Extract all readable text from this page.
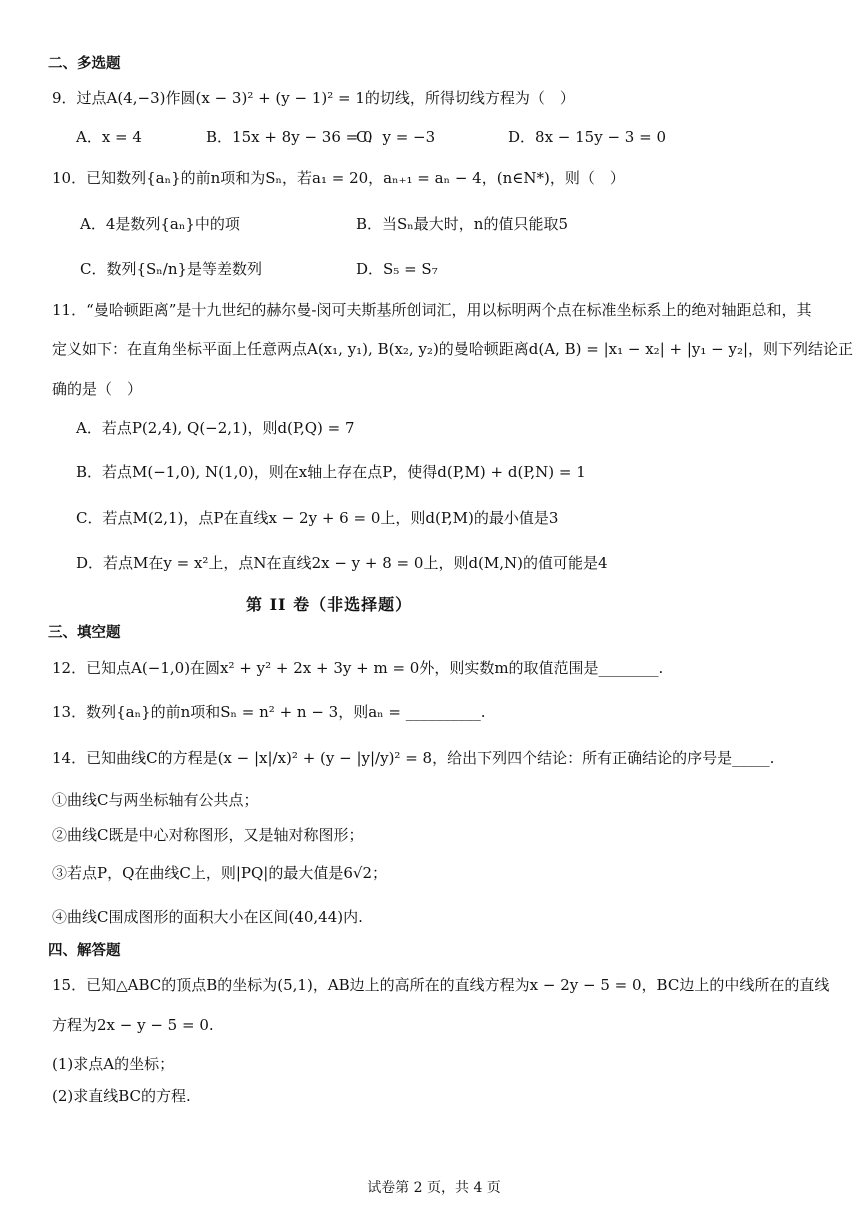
二、多选题
9．过点A(4,−3)作圆(x − 3)² + (y − 1)² = 1的切线，所得切线方程为（　）
A．x = 4	B．15x + 8y − 36 = 0
C．y = −3	D．8x − 15y − 3 = 0
10．已知数列{aₙ}的前n项和为Sₙ，若a₁ = 20，aₙ₊₁ = aₙ − 4，(n∈N*)，则（　）
A．4是数列{aₙ}中的项	B．当Sₙ最大时，n的值只能取5
C．数列{Sₙ/n}是等差数列	D．S₅ = S₇
11．“曼哈顿距离”是十九世纪的赫尔曼-闵可夫斯基所创词汇，用以标明两个点在标准坐标系上的绝对轴距总和，其
定义如下：在直角坐标平面上任意两点A(x₁, y₁), B(x₂, y₂)的曼哈顿距离d(A, B) = |x₁ − x₂| + |y₁ − y₂|，则下列结论正
确的是（　）
A．若点P(2,4), Q(−2,1)，则d(P,Q) = 7
B．若点M(−1,0), N(1,0)，则在x轴上存在点P，使得d(P,M) + d(P,N) = 1
C．若点M(2,1)，点P在直线x − 2y + 6 = 0上，则d(P,M)的最小值是3
D．若点M在y = x²上，点N在直线2x − y + 8 = 0上，则d(M,N)的值可能是4
第 II 卷（非选择题）
三、填空题
12．已知点A(−1,0)在圆x² + y² + 2x + 3y + m = 0外，则实数m的取值范围是________.
13．数列{aₙ}的前n项和Sₙ = n² + n − 3，则aₙ = __________.
14．已知曲线C的方程是(x − |x|/x)² + (y − |y|/y)² = 8，给出下列四个结论：所有正确结论的序号是_____.
①曲线C与两坐标轴有公共点；
②曲线C既是中心对称图形，又是轴对称图形；
③若点P，Q在曲线C上，则|PQ|的最大值是6√2；
④曲线C围成图形的面积大小在区间(40,44)内.
四、解答题
15．已知△ABC的顶点B的坐标为(5,1)，AB边上的高所在的直线方程为x − 2y − 5 = 0，BC边上的中线所在的直线
方程为2x − y − 5 = 0.
(1)求点A的坐标；
(2)求直线BC的方程.
试卷第 2 页，共 4 页
